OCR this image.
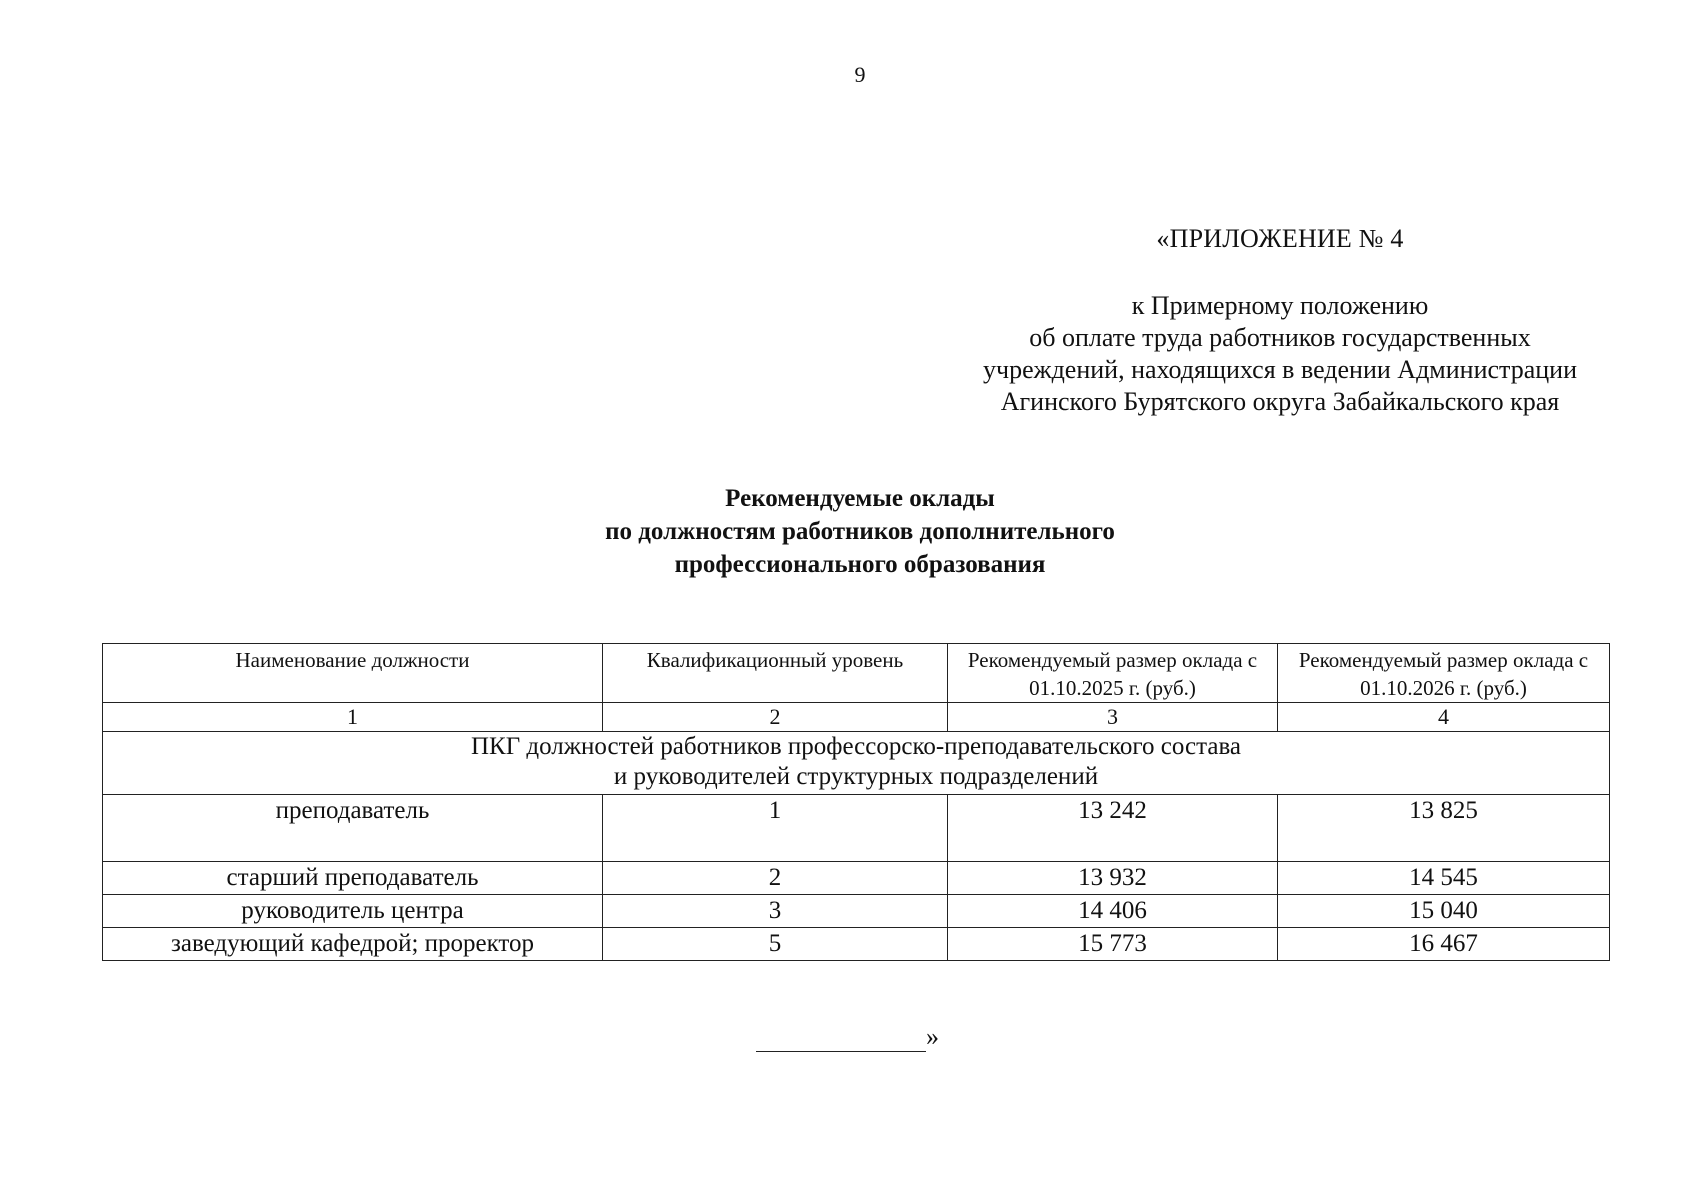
9
«ПРИЛОЖЕНИЕ № 4
к Примерному положению
об оплате труда работников государственных
учреждений, находящихся в ведении Администрации
Агинского Бурятского округа Забайкальского края
Рекомендуемые оклады
по должностям работников дополнительного
профессионального образования
Наименование должности	Квалификационный уровень	Рекомендуемый размер оклада с 01.10.2025 г. (руб.)	Рекомендуемый размер оклада с 01.10.2026 г. (руб.)
1	2	3	4

ПКГ должностей работников профессорско-преподавательского состава
и руководителей структурных подразделений			

преподаватель	1	13 242	13 825
старший преподаватель	2	13 932	14 545
руководитель центра	3	14 406	15 040
заведующий кафедрой; проректор	5	15 773	16 467
»
